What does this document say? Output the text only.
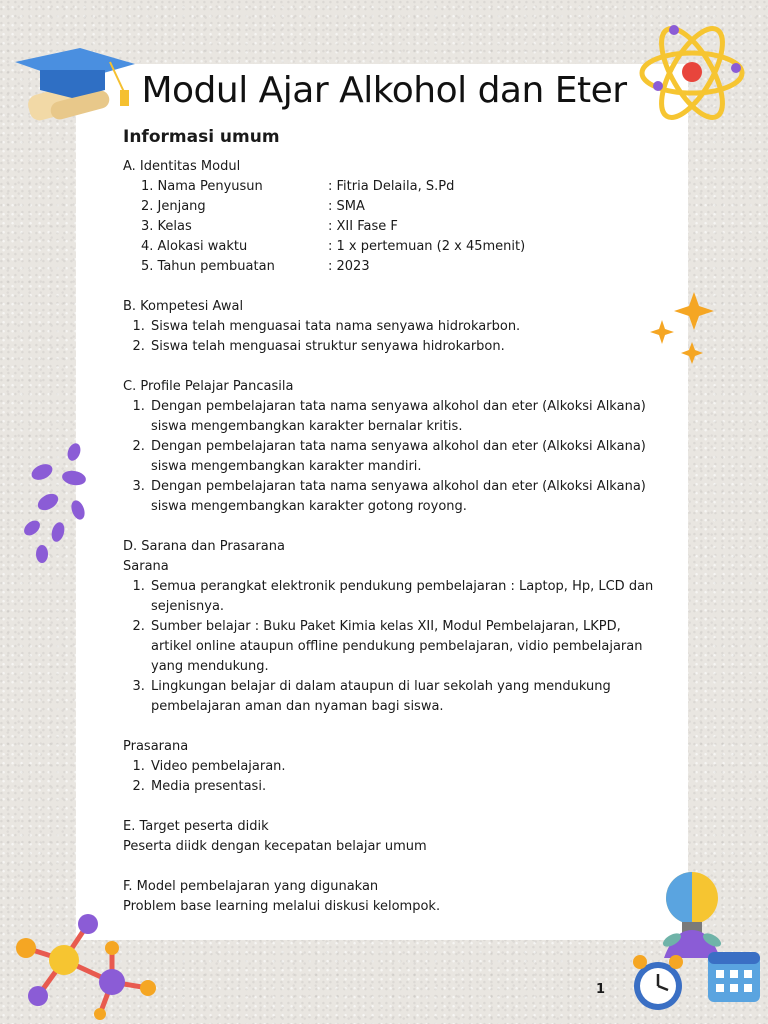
Modul Ajar Alkohol dan Eter
Informasi umum
A. Identitas Modul
1. Nama Penyusun	: Fitria Delaila, S.Pd
2. Jenjang	: SMA
3. Kelas	: XII Fase F
4. Alokasi waktu	: 1 x pertemuan (2 x 45menit)
5. Tahun pembuatan	: 2023
B. Kompetesi Awal
1. Siswa telah menguasai tata nama senyawa hidrokarbon.
2. Siswa telah menguasai struktur senyawa hidrokarbon.
C. Profile Pelajar Pancasila
1. Dengan pembelajaran tata nama senyawa alkohol dan eter (Alkoksi Alkana) siswa mengembangkan karakter bernalar kritis.
2. Dengan pembelajaran tata nama senyawa alkohol dan eter (Alkoksi Alkana) siswa mengembangkan karakter mandiri.
3. Dengan pembelajaran tata nama senyawa alkohol dan eter (Alkoksi Alkana) siswa mengembangkan karakter gotong royong.
D. Sarana dan Prasarana
Sarana
1. Semua perangkat elektronik pendukung pembelajaran : Laptop, Hp, LCD dan sejenisnya.
2. Sumber belajar : Buku Paket Kimia kelas XII, Modul Pembelajaran, LKPD, artikel online ataupun offline pendukung pembelajaran, vidio pembelajaran yang mendukung.
3. Lingkungan belajar di dalam ataupun di luar sekolah yang mendukung pembelajaran aman dan nyaman bagi siswa.
Prasarana
1. Video pembelajaran.
2. Media presentasi.
E. Target peserta didik
Peserta diidk dengan kecepatan belajar umum
F. Model pembelajaran yang digunakan
Problem base learning melalui diskusi kelompok.
1
